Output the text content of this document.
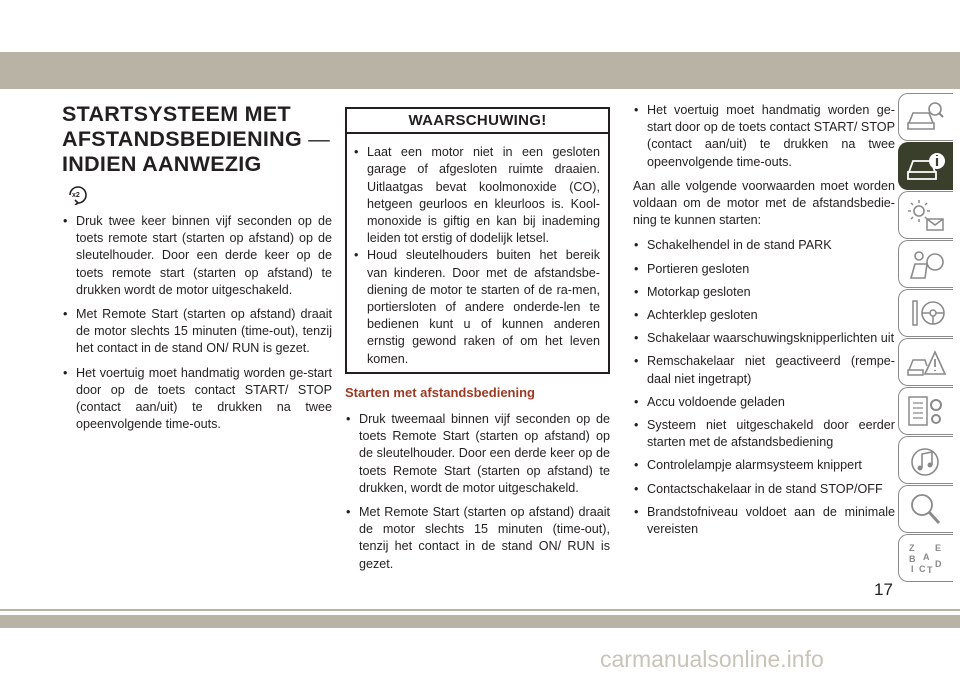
STARTSYSTEEM MET
AFSTANDSBEDIENING —
INDIEN AANWEZIG
x2
• Druk twee keer binnen vijf seconden op de toets remote start (starten op afstand) op de sleutelhouder. Door een derde keer op de toets remote start (starten op afstand) te drukken wordt de motor uitgeschakeld.
• Met Remote Start (starten op afstand) draait de motor slechts 15 minuten (time-out), tenzij het contact in de stand ON/ RUN is gezet.
• Het voertuig moet handmatig worden ge-start door op de toets contact START/ STOP (contact aan/uit) te drukken na twee opeenvolgende time-outs.
WAARSCHUWING!
• Laat een motor niet in een gesloten garage of afgesloten ruimte draaien. Uitlaatgas bevat koolmonoxide (CO), hetgeen geurloos en kleurloos is. Kool-monoxide is giftig en kan bij inademing leiden tot erstig of dodelijk letsel.
• Houd sleutelhouders buiten het bereik van kinderen. Door met de afstandsbe-diening de motor te starten of de ra-men, portiersloten of andere onderde-len te bedienen kunt u of kunnen anderen ernstig gewond raken of om het leven komen.
Starten met afstandsbediening
• Druk tweemaal binnen vijf seconden op de toets Remote Start (starten op afstand) op de sleutelhouder. Door een derde keer op de toets Remote Start (starten op afstand) te drukken, wordt de motor uitgeschakeld.
• Met Remote Start (starten op afstand) draait de motor slechts 15 minuten (time-out), tenzij het contact in de stand ON/ RUN is gezet.
• Het voertuig moet handmatig worden ge-start door op de toets contact START/ STOP (contact aan/uit) te drukken na twee opeenvolgende time-outs.

Aan alle volgende voorwaarden moet worden voldaan om de motor met de afstandsbedie-ning te kunnen starten:

• Schakelhendel in de stand PARK
• Portieren gesloten
• Motorkap gesloten
• Achterklep gesloten
• Schakelaar waarschuwingsknipperlichten uit
• Remschakelaar niet geactiveerd (rempe-daal niet ingetrapt)
• Accu voldoende geladen
• Systeem niet uitgeschakeld door eerder starten met de afstandsbediening
• Controlelampje alarmsysteem knippert
• Contactschakelaar in de stand STOP/OFF
• Brandstofniveau voldoet aan de minimale vereisten
Z E
B A
C D
I T
17
carmanualsonline.info
